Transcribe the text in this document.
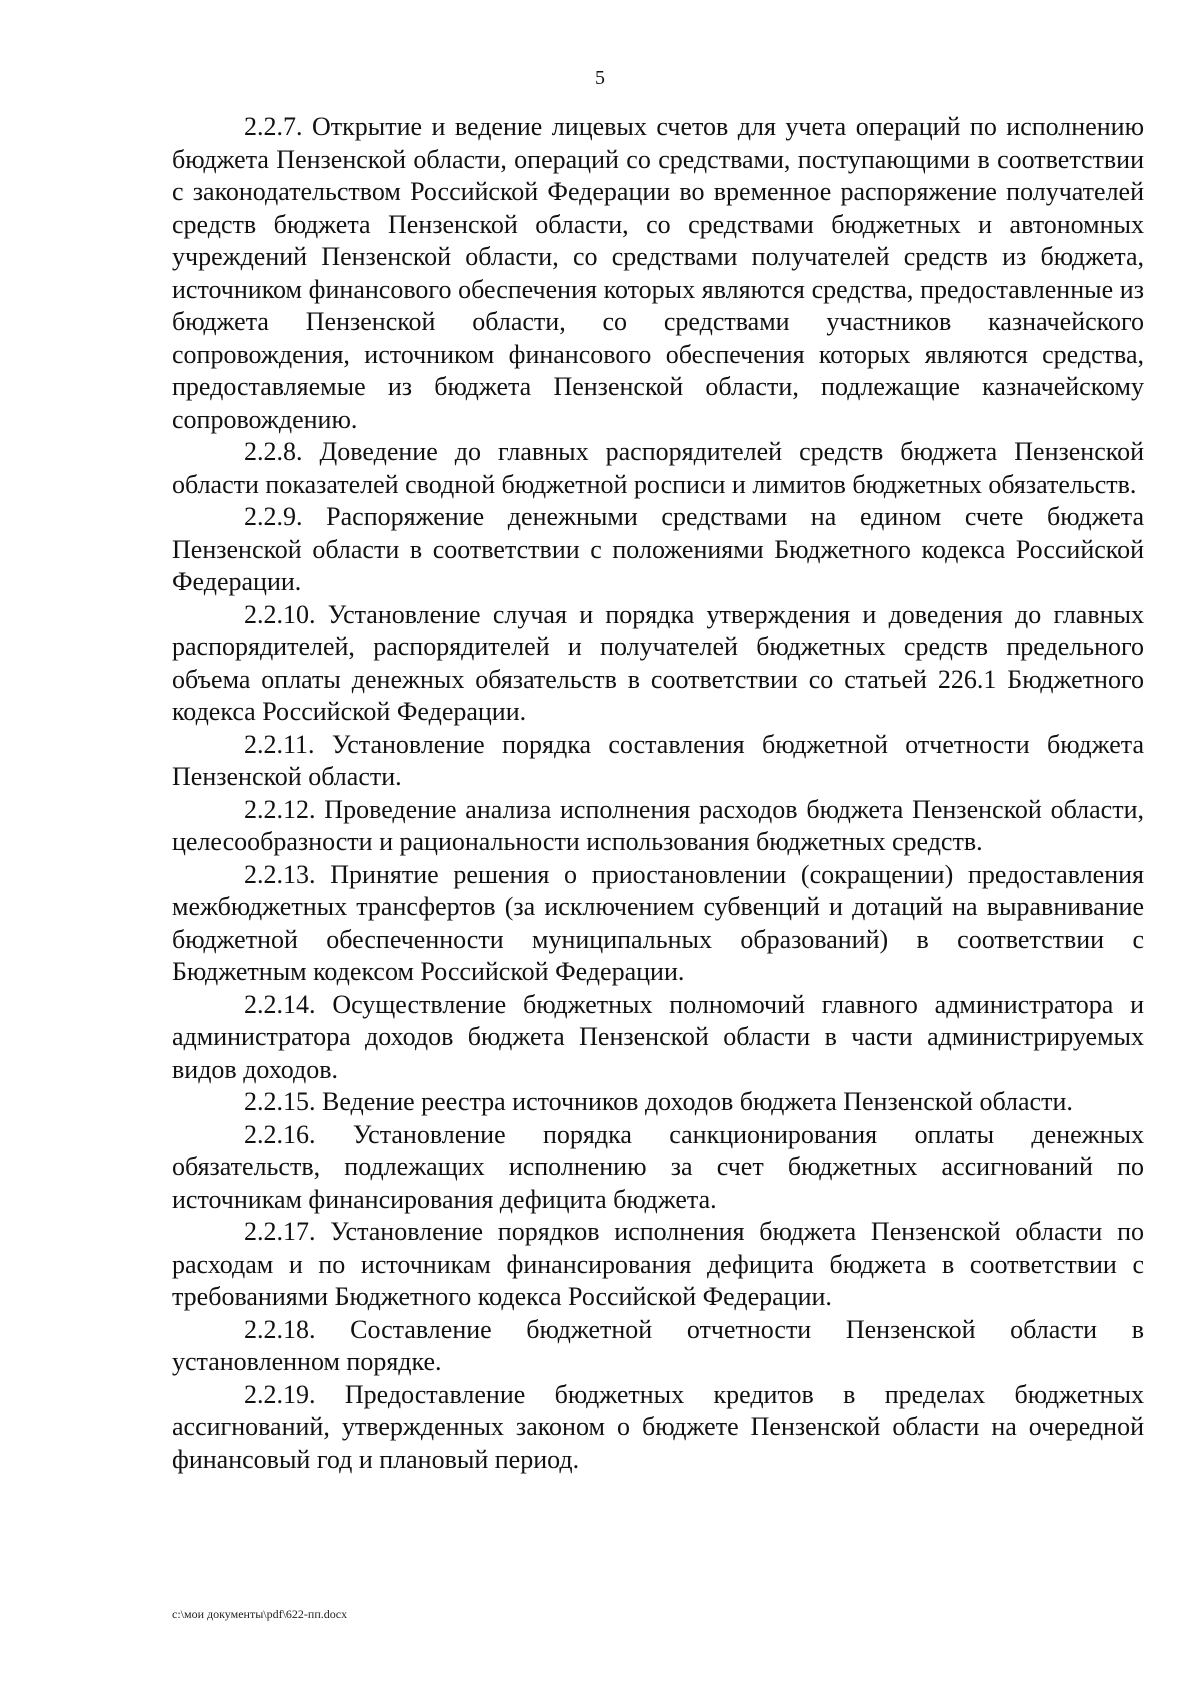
5

2.2.7. Открытие и ведение лицевых счетов для учета операций по исполнению бюджета Пензенской области, операций со средствами, поступающими в соответствии с законодательством Российской Федерации во временное распоряжение получателей средств бюджета Пензенской области, со средствами бюджетных и автономных учреждений Пензенской области, со средствами получателей средств из бюджета, источником финансового обеспечения которых являются средства, предоставленные из бюджета Пензенской области, со средствами участников казначейского сопровождения, источником финансового обеспечения которых являются средства, предоставляемые из бюджета Пензенской области, подлежащие казначейскому сопровождению.

2.2.8. Доведение до главных распорядителей средств бюджета Пензенской области показателей сводной бюджетной росписи и лимитов бюджетных обязательств.

2.2.9. Распоряжение денежными средствами на едином счете бюджета Пензенской области в соответствии с положениями Бюджетного кодекса Российской Федерации.

2.2.10. Установление случая и порядка утверждения и доведения до главных распорядителей, распорядителей и получателей бюджетных средств предельного объема оплаты денежных обязательств в соответствии со статьей 226.1 Бюджетного кодекса Российской Федерации.

2.2.11. Установление порядка составления бюджетной отчетности бюджета Пензенской области.

2.2.12. Проведение анализа исполнения расходов бюджета Пензенской области, целесообразности и рациональности использования бюджетных средств.

2.2.13. Принятие решения о приостановлении (сокращении) предоставления межбюджетных трансфертов (за исключением субвенций и дотаций на выравнивание бюджетной обеспеченности муниципальных образований) в соответствии с Бюджетным кодексом Российской Федерации.

2.2.14. Осуществление бюджетных полномочий главного администратора и администратора доходов бюджета Пензенской области в части администрируемых видов доходов.

2.2.15. Ведение реестра источников доходов бюджета Пензенской области.

2.2.16. Установление порядка санкционирования оплаты денежных обязательств, подлежащих исполнению за счет бюджетных ассигнований по источникам финансирования дефицита бюджета.

2.2.17. Установление порядков исполнения бюджета Пензенской области по расходам и по источникам финансирования дефицита бюджета в соответствии с требованиями Бюджетного кодекса Российской Федерации.

2.2.18. Составление бюджетной отчетности Пензенской области в установленном порядке.

2.2.19. Предоставление бюджетных кредитов в пределах бюджетных ассигнований, утвержденных законом о бюджете Пензенской области на очередной финансовый год и плановый период.

c:\мои документы\pdf\622-пп.docx
